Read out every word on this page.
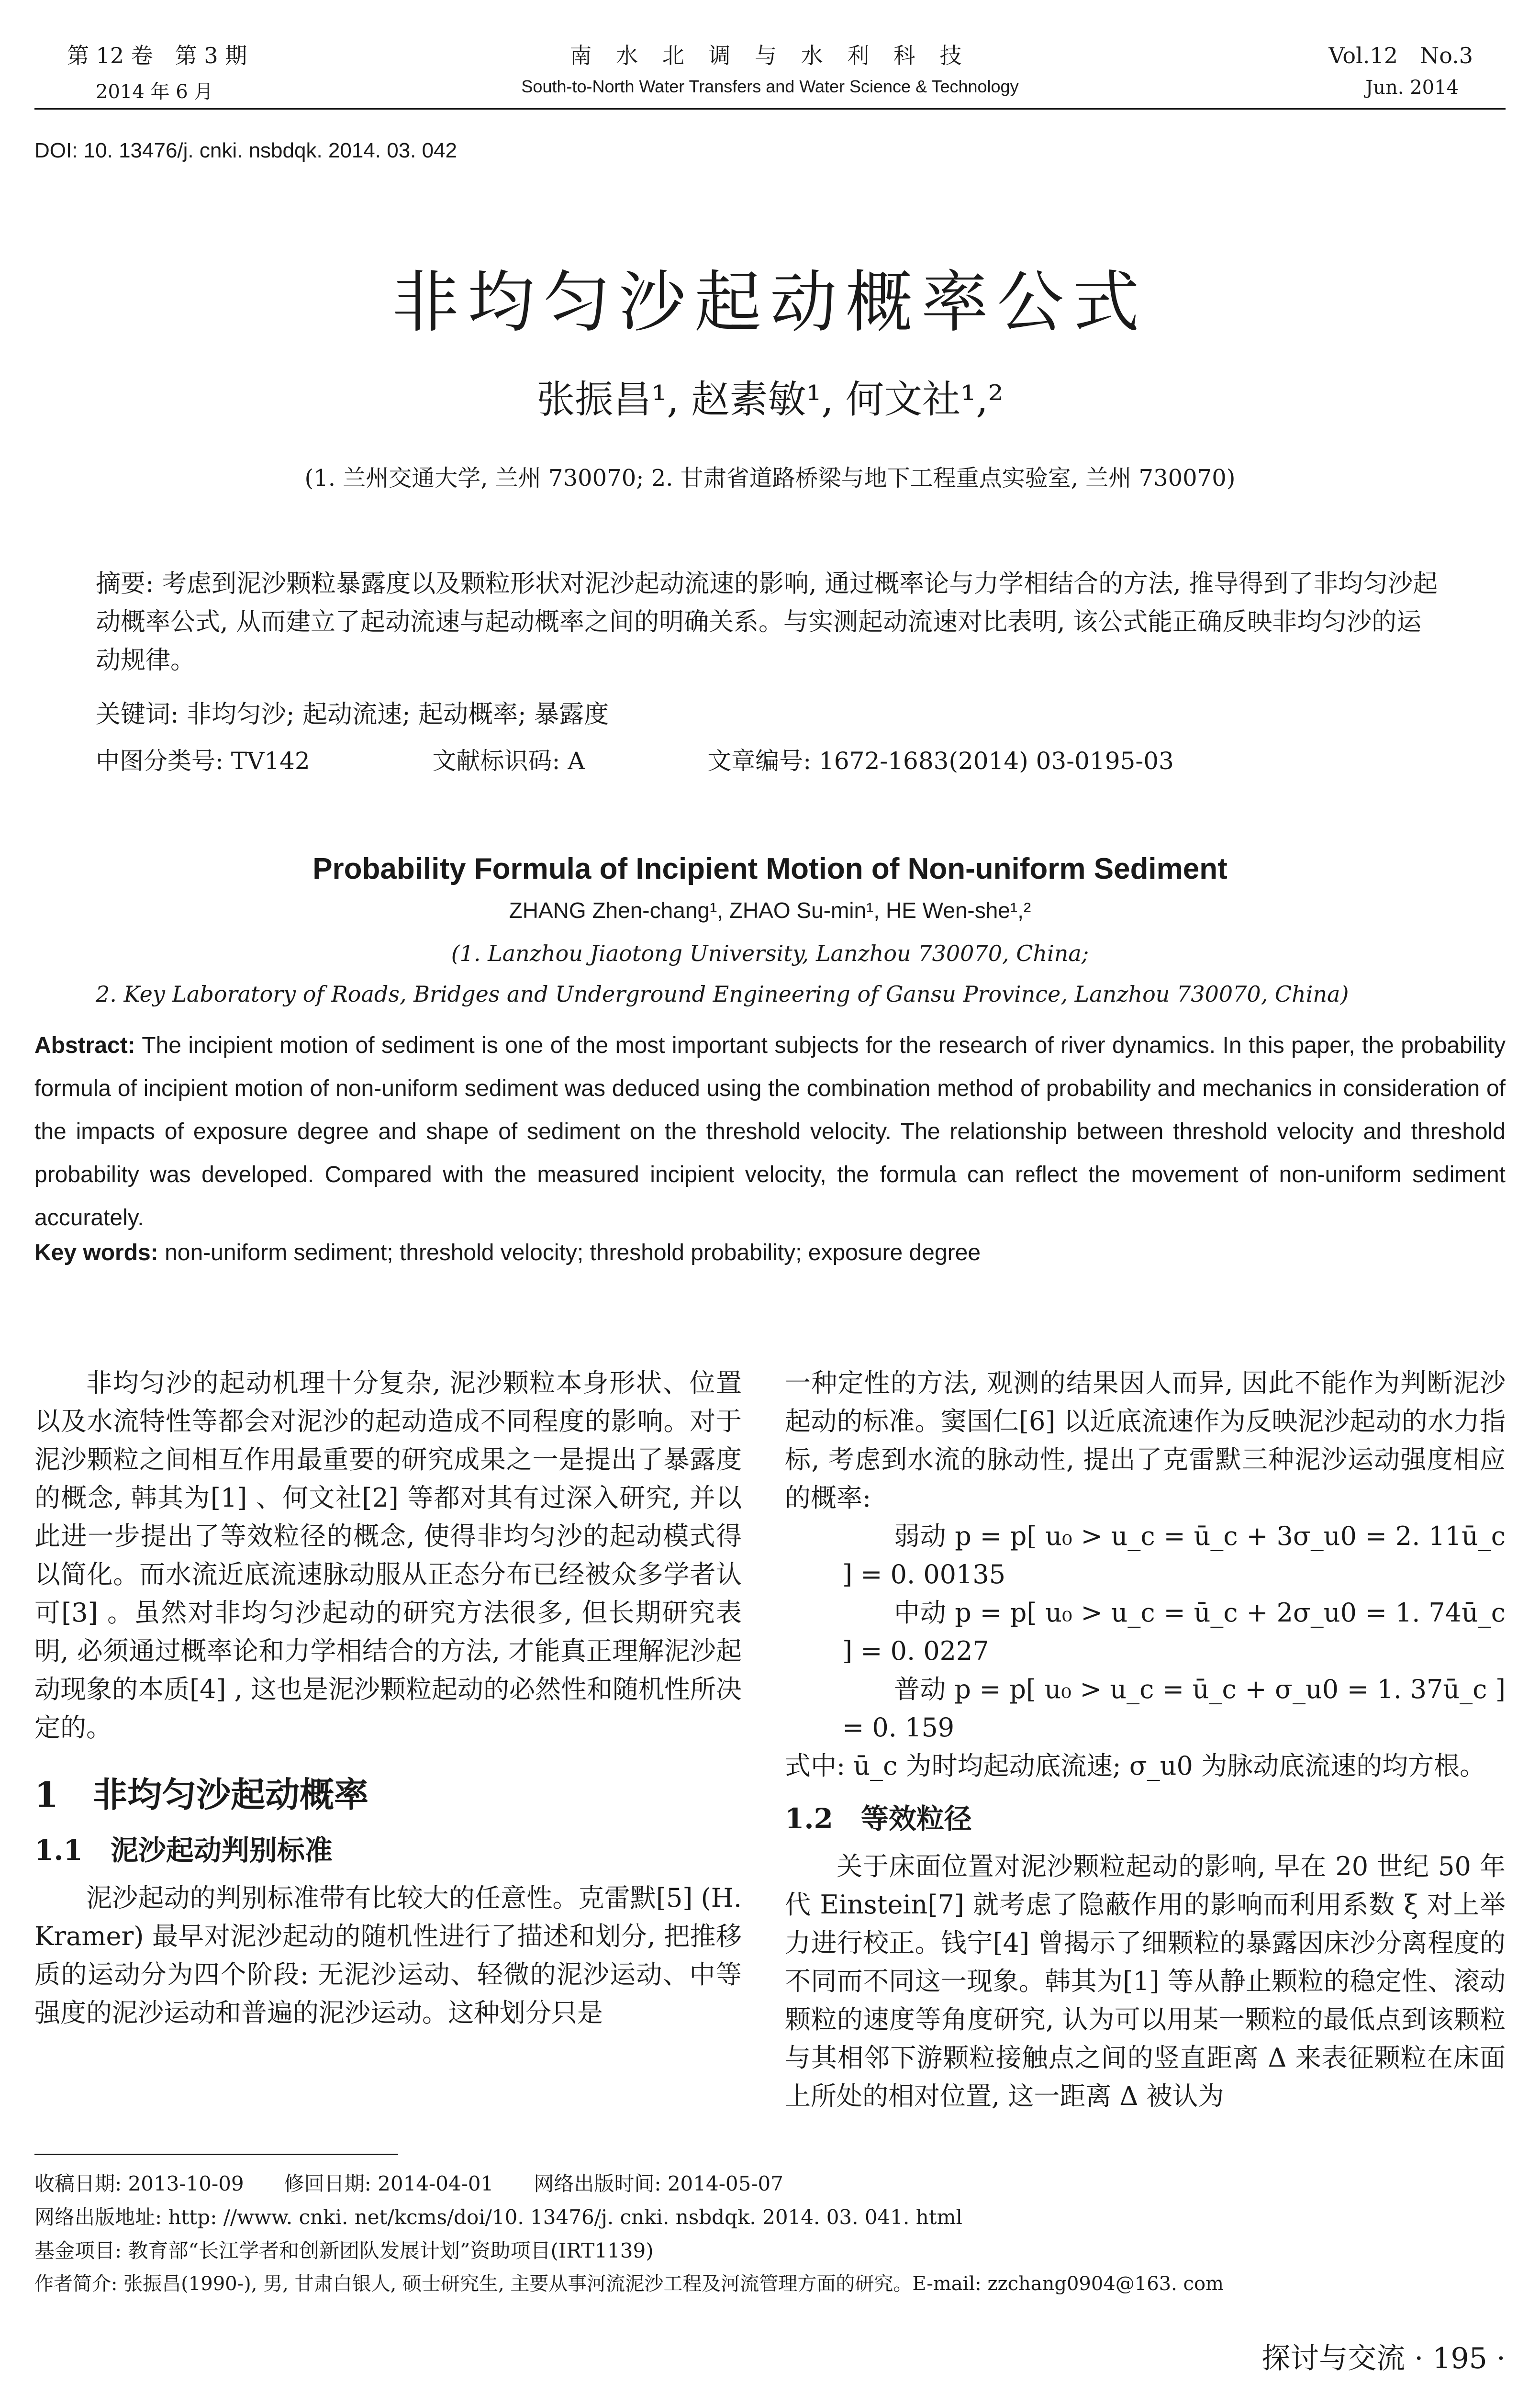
第 12 卷　第 3 期
2014 年 6 月
南 水 北 调 与 水 利 科 技
South-to-North Water Transfers and Water Science & Technology
Vol.12　No.3
Jun. 2014
DOI: 10. 13476/j. cnki. nsbdqk. 2014. 03. 042
非均匀沙起动概率公式
张振昌¹, 赵素敏¹, 何文社¹,²
(1. 兰州交通大学, 兰州 730070; 2. 甘肃省道路桥梁与地下工程重点实验室, 兰州 730070)
摘要: 考虑到泥沙颗粒暴露度以及颗粒形状对泥沙起动流速的影响, 通过概率论与力学相结合的方法, 推导得到了非均匀沙起动概率公式, 从而建立了起动流速与起动概率之间的明确关系。与实测起动流速对比表明, 该公式能正确反映非均匀沙的运动规律。
关键词: 非均匀沙; 起动流速; 起动概率; 暴露度
中图分类号: TV142	文献标识码: A	文章编号: 1672-1683(2014) 03-0195-03
Probability Formula of Incipient Motion of Non-uniform Sediment
ZHANG Zhen-chang¹, ZHAO Su-min¹, HE Wen-she¹,²
(1. Lanzhou Jiaotong University, Lanzhou 730070, China;
2. Key Laboratory of Roads, Bridges and Underground Engineering of Gansu Province, Lanzhou 730070, China)
Abstract: The incipient motion of sediment is one of the most important subjects for the research of river dynamics. In this paper, the probability formula of incipient motion of non-uniform sediment was deduced using the combination method of probability and mechanics in consideration of the impacts of exposure degree and shape of sediment on the threshold velocity. The relationship between threshold velocity and threshold probability was developed. Compared with the measured incipient velocity, the formula can reflect the movement of non-uniform sediment accurately.
Key words: non-uniform sediment; threshold velocity; threshold probability; exposure degree

非均匀沙的起动机理十分复杂, 泥沙颗粒本身形状、位置以及水流特性等都会对泥沙的起动造成不同程度的影响。对于泥沙颗粒之间相互作用最重要的研究成果之一是提出了暴露度的概念, 韩其为[1] 、何文社[2] 等都对其有过深入研究, 并以此进一步提出了等效粒径的概念, 使得非均匀沙的起动模式得以简化。而水流近底流速脉动服从正态分布已经被众多学者认可[3] 。虽然对非均匀沙起动的研究方法很多, 但长期研究表明, 必须通过概率论和力学相结合的方法, 才能真正理解泥沙起动现象的本质[4] , 这也是泥沙颗粒起动的必然性和随机性所决定的。

1　非均匀沙起动概率
1.1　泥沙起动判别标准

泥沙起动的判别标准带有比较大的任意性。克雷默[5] (H. Kramer) 最早对泥沙起动的随机性进行了描述和划分, 把推移质的运动分为四个阶段: 无泥沙运动、轻微的泥沙运动、中等强度的泥沙运动和普遍的泥沙运动。这种划分只是

一种定性的方法, 观测的结果因人而异, 因此不能作为判断泥沙起动的标准。窦国仁[6] 以近底流速作为反映泥沙起动的水力指标, 考虑到水流的脉动性, 提出了克雷默三种泥沙运动强度相应的概率:

弱动 p = p[ u₀ > u_c = ū_c + 3σ_u0 = 2. 11ū_c ] = 0. 00135

中动 p = p[ u₀ > u_c = ū_c + 2σ_u0 = 1. 74ū_c ] = 0. 0227

普动 p = p[ u₀ > u_c = ū_c + σ_u0 = 1. 37ū_c ] = 0. 159

式中: ū_c 为时均起动底流速; σ_u0 为脉动底流速的均方根。

1.2　等效粒径

关于床面位置对泥沙颗粒起动的影响, 早在 20 世纪 50 年代 Einstein[7] 就考虑了隐蔽作用的影响而利用系数 ξ 对上举力进行校正。钱宁[4] 曾揭示了细颗粒的暴露因床沙分离程度的不同而不同这一现象。韩其为[1] 等从静止颗粒的稳定性、滚动颗粒的速度等角度研究, 认为可以用某一颗粒的最低点到该颗粒与其相邻下游颗粒接触点之间的竖直距离 Δ 来表征颗粒在床面上所处的相对位置, 这一距离 Δ 被认为

收稿日期: 2013-10-09　　修回日期: 2014-04-01　　网络出版时间: 2014-05-07
网络出版地址: http: //www. cnki. net/kcms/doi/10. 13476/j. cnki. nsbdqk. 2014. 03. 041. html
基金项目: 教育部“长江学者和创新团队发展计划”资助项目(IRT1139)
作者简介: 张振昌(1990-), 男, 甘肃白银人, 硕士研究生, 主要从事河流泥沙工程及河流管理方面的研究。E-mail: zzchang0904@163. com
探讨与交流 · 195 ·
